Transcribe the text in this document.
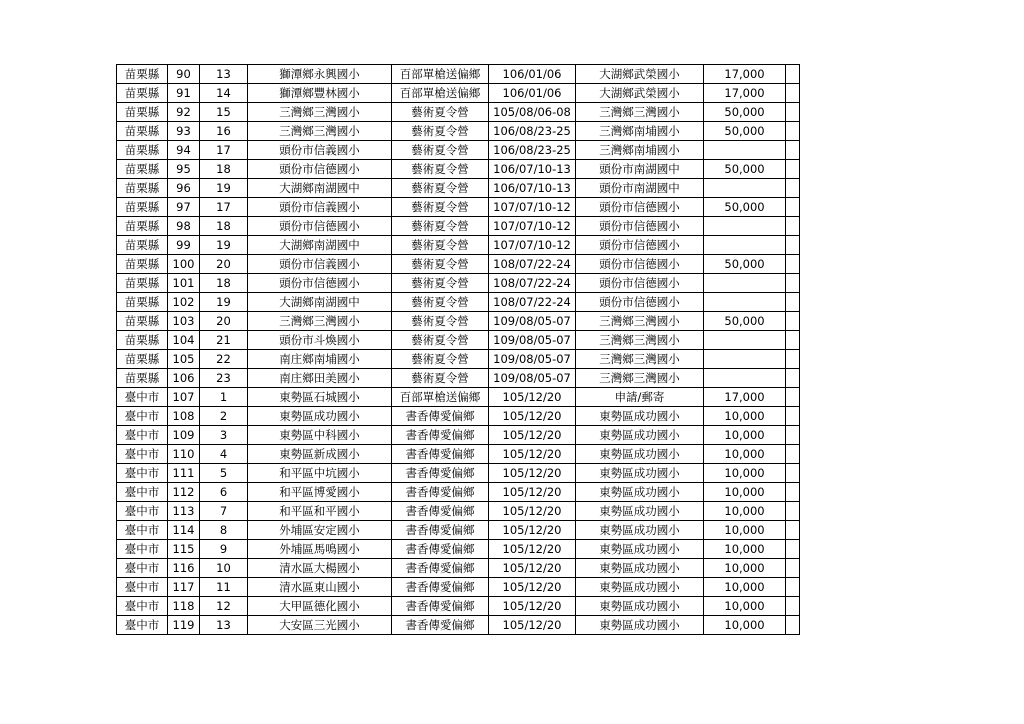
苗栗縣	90	13	獅潭鄉永興國小	百部單槍送偏鄉	106/01/06	大湖鄉武榮國小	17,000	
苗栗縣	91	14	獅潭鄉豐林國小	百部單槍送偏鄉	106/01/06	大湖鄉武榮國小	17,000	
苗栗縣	92	15	三灣鄉三灣國小	藝術夏令營	105/08/06-08	三灣鄉三灣國小	50,000	
苗栗縣	93	16	三灣鄉三灣國小	藝術夏令營	106/08/23-25	三灣鄉南埔國小	50,000	
苗栗縣	94	17	頭份市信義國小	藝術夏令營	106/08/23-25	三灣鄉南埔國小		
苗栗縣	95	18	頭份市信德國小	藝術夏令營	106/07/10-13	頭份市南湖國中	50,000	
苗栗縣	96	19	大湖鄉南湖國中	藝術夏令營	106/07/10-13	頭份市南湖國中		
苗栗縣	97	17	頭份市信義國小	藝術夏令營	107/07/10-12	頭份市信德國小	50,000	
苗栗縣	98	18	頭份市信德國小	藝術夏令營	107/07/10-12	頭份市信德國小		
苗栗縣	99	19	大湖鄉南湖國中	藝術夏令營	107/07/10-12	頭份市信德國小		
苗栗縣	100	20	頭份市信義國小	藝術夏令營	108/07/22-24	頭份市信德國小	50,000	
苗栗縣	101	18	頭份市信德國小	藝術夏令營	108/07/22-24	頭份市信德國小		
苗栗縣	102	19	大湖鄉南湖國中	藝術夏令營	108/07/22-24	頭份市信德國小		
苗栗縣	103	20	三灣鄉三灣國小	藝術夏令營	109/08/05-07	三灣鄉三灣國小	50,000	
苗栗縣	104	21	頭份市斗煥國小	藝術夏令營	109/08/05-07	三灣鄉三灣國小		
苗栗縣	105	22	南庄鄉南埔國小	藝術夏令營	109/08/05-07	三灣鄉三灣國小		
苗栗縣	106	23	南庄鄉田美國小	藝術夏令營	109/08/05-07	三灣鄉三灣國小		
臺中市	107	1	東勢區石城國小	百部單槍送偏鄉	105/12/20	申請/郵寄	17,000	
臺中市	108	2	東勢區成功國小	書香傳愛偏鄉	105/12/20	東勢區成功國小	10,000	
臺中市	109	3	東勢區中科國小	書香傳愛偏鄉	105/12/20	東勢區成功國小	10,000	
臺中市	110	4	東勢區新成國小	書香傳愛偏鄉	105/12/20	東勢區成功國小	10,000	
臺中市	111	5	和平區中坑國小	書香傳愛偏鄉	105/12/20	東勢區成功國小	10,000	
臺中市	112	6	和平區博愛國小	書香傳愛偏鄉	105/12/20	東勢區成功國小	10,000	
臺中市	113	7	和平區和平國小	書香傳愛偏鄉	105/12/20	東勢區成功國小	10,000	
臺中市	114	8	外埔區安定國小	書香傳愛偏鄉	105/12/20	東勢區成功國小	10,000	
臺中市	115	9	外埔區馬鳴國小	書香傳愛偏鄉	105/12/20	東勢區成功國小	10,000	
臺中市	116	10	清水區大楊國小	書香傳愛偏鄉	105/12/20	東勢區成功國小	10,000	
臺中市	117	11	清水區東山國小	書香傳愛偏鄉	105/12/20	東勢區成功國小	10,000	
臺中市	118	12	大甲區德化國小	書香傳愛偏鄉	105/12/20	東勢區成功國小	10,000	
臺中市	119	13	大安區三光國小	書香傳愛偏鄉	105/12/20	東勢區成功國小	10,000	
